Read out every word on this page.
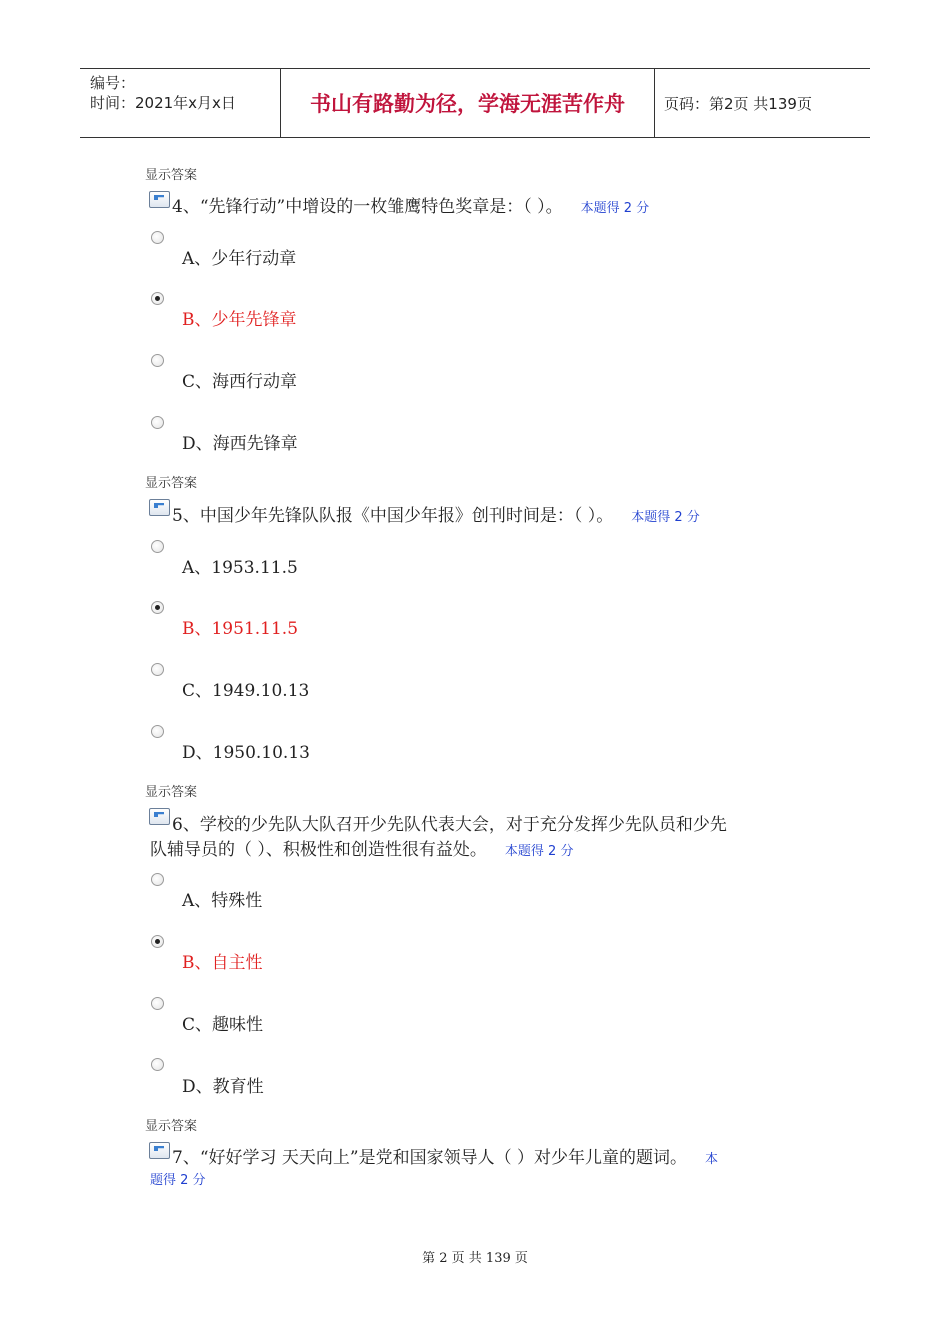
编号：
时间：2021年x月x日	书山有路勤为径，学海无涯苦作舟	页码：第2页 共139页
显示答案
4、“先锋行动”中增设的一枚雏鹰特色奖章是：（ ）。 本题得 2 分
A、少年行动章
B、少年先锋章
C、海西行动章
D、海西先锋章
显示答案
5、中国少年先锋队队报《中国少年报》创刊时间是：（ ）。 本题得 2 分
A、1953.11.5
B、1951.11.5
C、1949.10.13
D、1950.10.13
显示答案
6、学校的少先队大队召开少先队代表大会，对于充分发挥少先队员和少先
队辅导员的（ ）、积极性和创造性很有益处。 本题得 2 分
A、特殊性
B、自主性
C、趣味性
D、教育性
显示答案
7、“好好学习 天天向上”是党和国家领导人（ ）对少年儿童的题词。 本
题得 2 分
第 2 页 共 139 页
